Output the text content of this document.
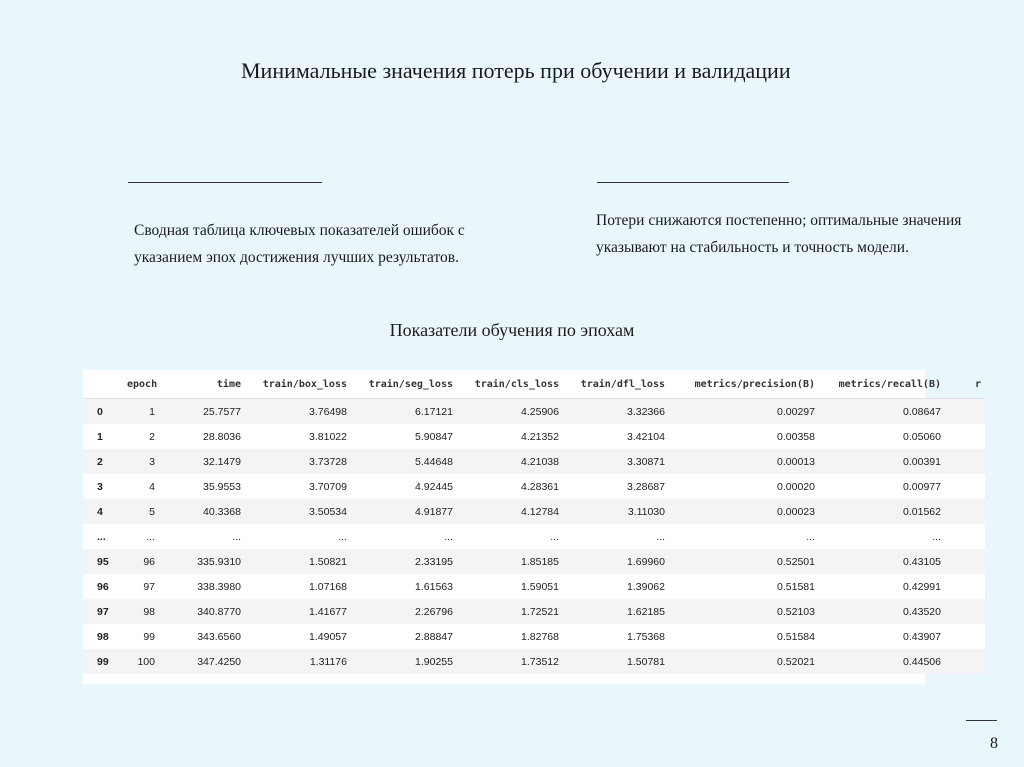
Минимальные значения потерь при обучении и валидации

Сводная таблица ключевых показателей ошибок с указанием эпох достижения лучших результатов.

Потери снижаются постепенно; оптимальные значения указывают на стабильность и точность модели.

Показатели обучения по эпохам
	epoch	time	train/box_loss	train/seg_loss	train/cls_loss	train/dfl_loss	metrics/precision(B)	metrics/recall(B)	r
0	1	25.7577	3.76498	6.17121	4.25906	3.32366	0.00297	0.08647	
1	2	28.8036	3.81022	5.90847	4.21352	3.42104	0.00358	0.05060	
2	3	32.1479	3.73728	5.44648	4.21038	3.30871	0.00013	0.00391	
3	4	35.9553	3.70709	4.92445	4.28361	3.28687	0.00020	0.00977	
4	5	40.3368	3.50534	4.91877	4.12784	3.11030	0.00023	0.01562	
...	...	...	...	...	...	...	...	...	
95	96	335.9310	1.50821	2.33195	1.85185	1.69960	0.52501	0.43105	
96	97	338.3980	1.07168	1.61563	1.59051	1.39062	0.51581	0.42991	
97	98	340.8770	1.41677	2.26796	1.72521	1.62185	0.52103	0.43520	
98	99	343.6560	1.49057	2.88847	1.82768	1.75368	0.51584	0.43907	
99	100	347.4250	1.31176	1.90255	1.73512	1.50781	0.52021	0.44506	
8
